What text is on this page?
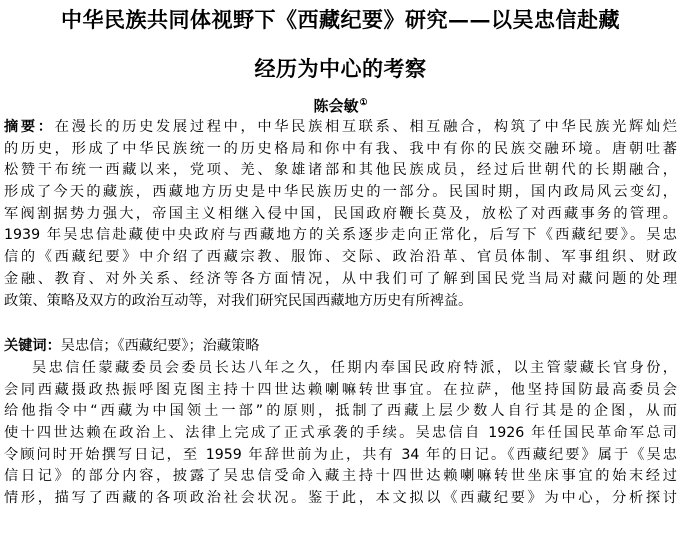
中华民族共同体视野下《西藏纪要》研究——以吴忠信赴藏
经历为中心的考察
陈会敏①
摘要：在漫长的历史发展过程中，中华民族相互联系、相互融合，构筑了中华民族光辉灿烂
的历史，形成了中华民族统一的历史格局和你中有我、我中有你的民族交融环境。唐朝吐蕃
松赞干布统一西藏以来，党项、羌、象雄诸部和其他民族成员，经过后世朝代的长期融合，
形成了今天的藏族，西藏地方历史是中华民族历史的一部分。民国时期，国内政局风云变幻，
军阀割据势力强大，帝国主义相继入侵中国，民国政府鞭长莫及，放松了对西藏事务的管理。
1939 年吴忠信赴藏使中央政府与西藏地方的关系逐步走向正常化，后写下《西藏纪要》。吴忠
信的《西藏纪要》中介绍了西藏宗教、服饰、交际、政治沿革、官员体制、军事组织、财政
金融、教育、对外关系、经济等各方面情况，从中我们可了解到国民党当局对藏问题的处理
政策、策略及双方的政治互动等，对我们研究民国西藏地方历史有所裨益。
关键词：吴忠信；《西藏纪要》；治藏策略
吴忠信任蒙藏委员会委员长达八年之久，任期内奉国民政府特派，以主管蒙藏长官身份，
会同西藏摄政热振呼图克图主持十四世达赖喇嘛转世事宜。在拉萨，他坚持国防最高委员会
给他指令中“西藏为中国领土一部”的原则，抵制了西藏上层少数人自行其是的企图，从而
使十四世达赖在政治上、法律上完成了正式承袭的手续。吴忠信自 1926 年任国民革命军总司
令顾问时开始撰写日记，至 1959 年辞世前为止，共有 34 年的日记。《西藏纪要》属于《吴忠
信日记》的部分内容，披露了吴忠信受命入藏主持十四世达赖喇嘛转世坐床事宜的始末经过
情形，描写了西藏的各项政治社会状况。鉴于此，本文拟以《西藏纪要》为中心，分析探讨
